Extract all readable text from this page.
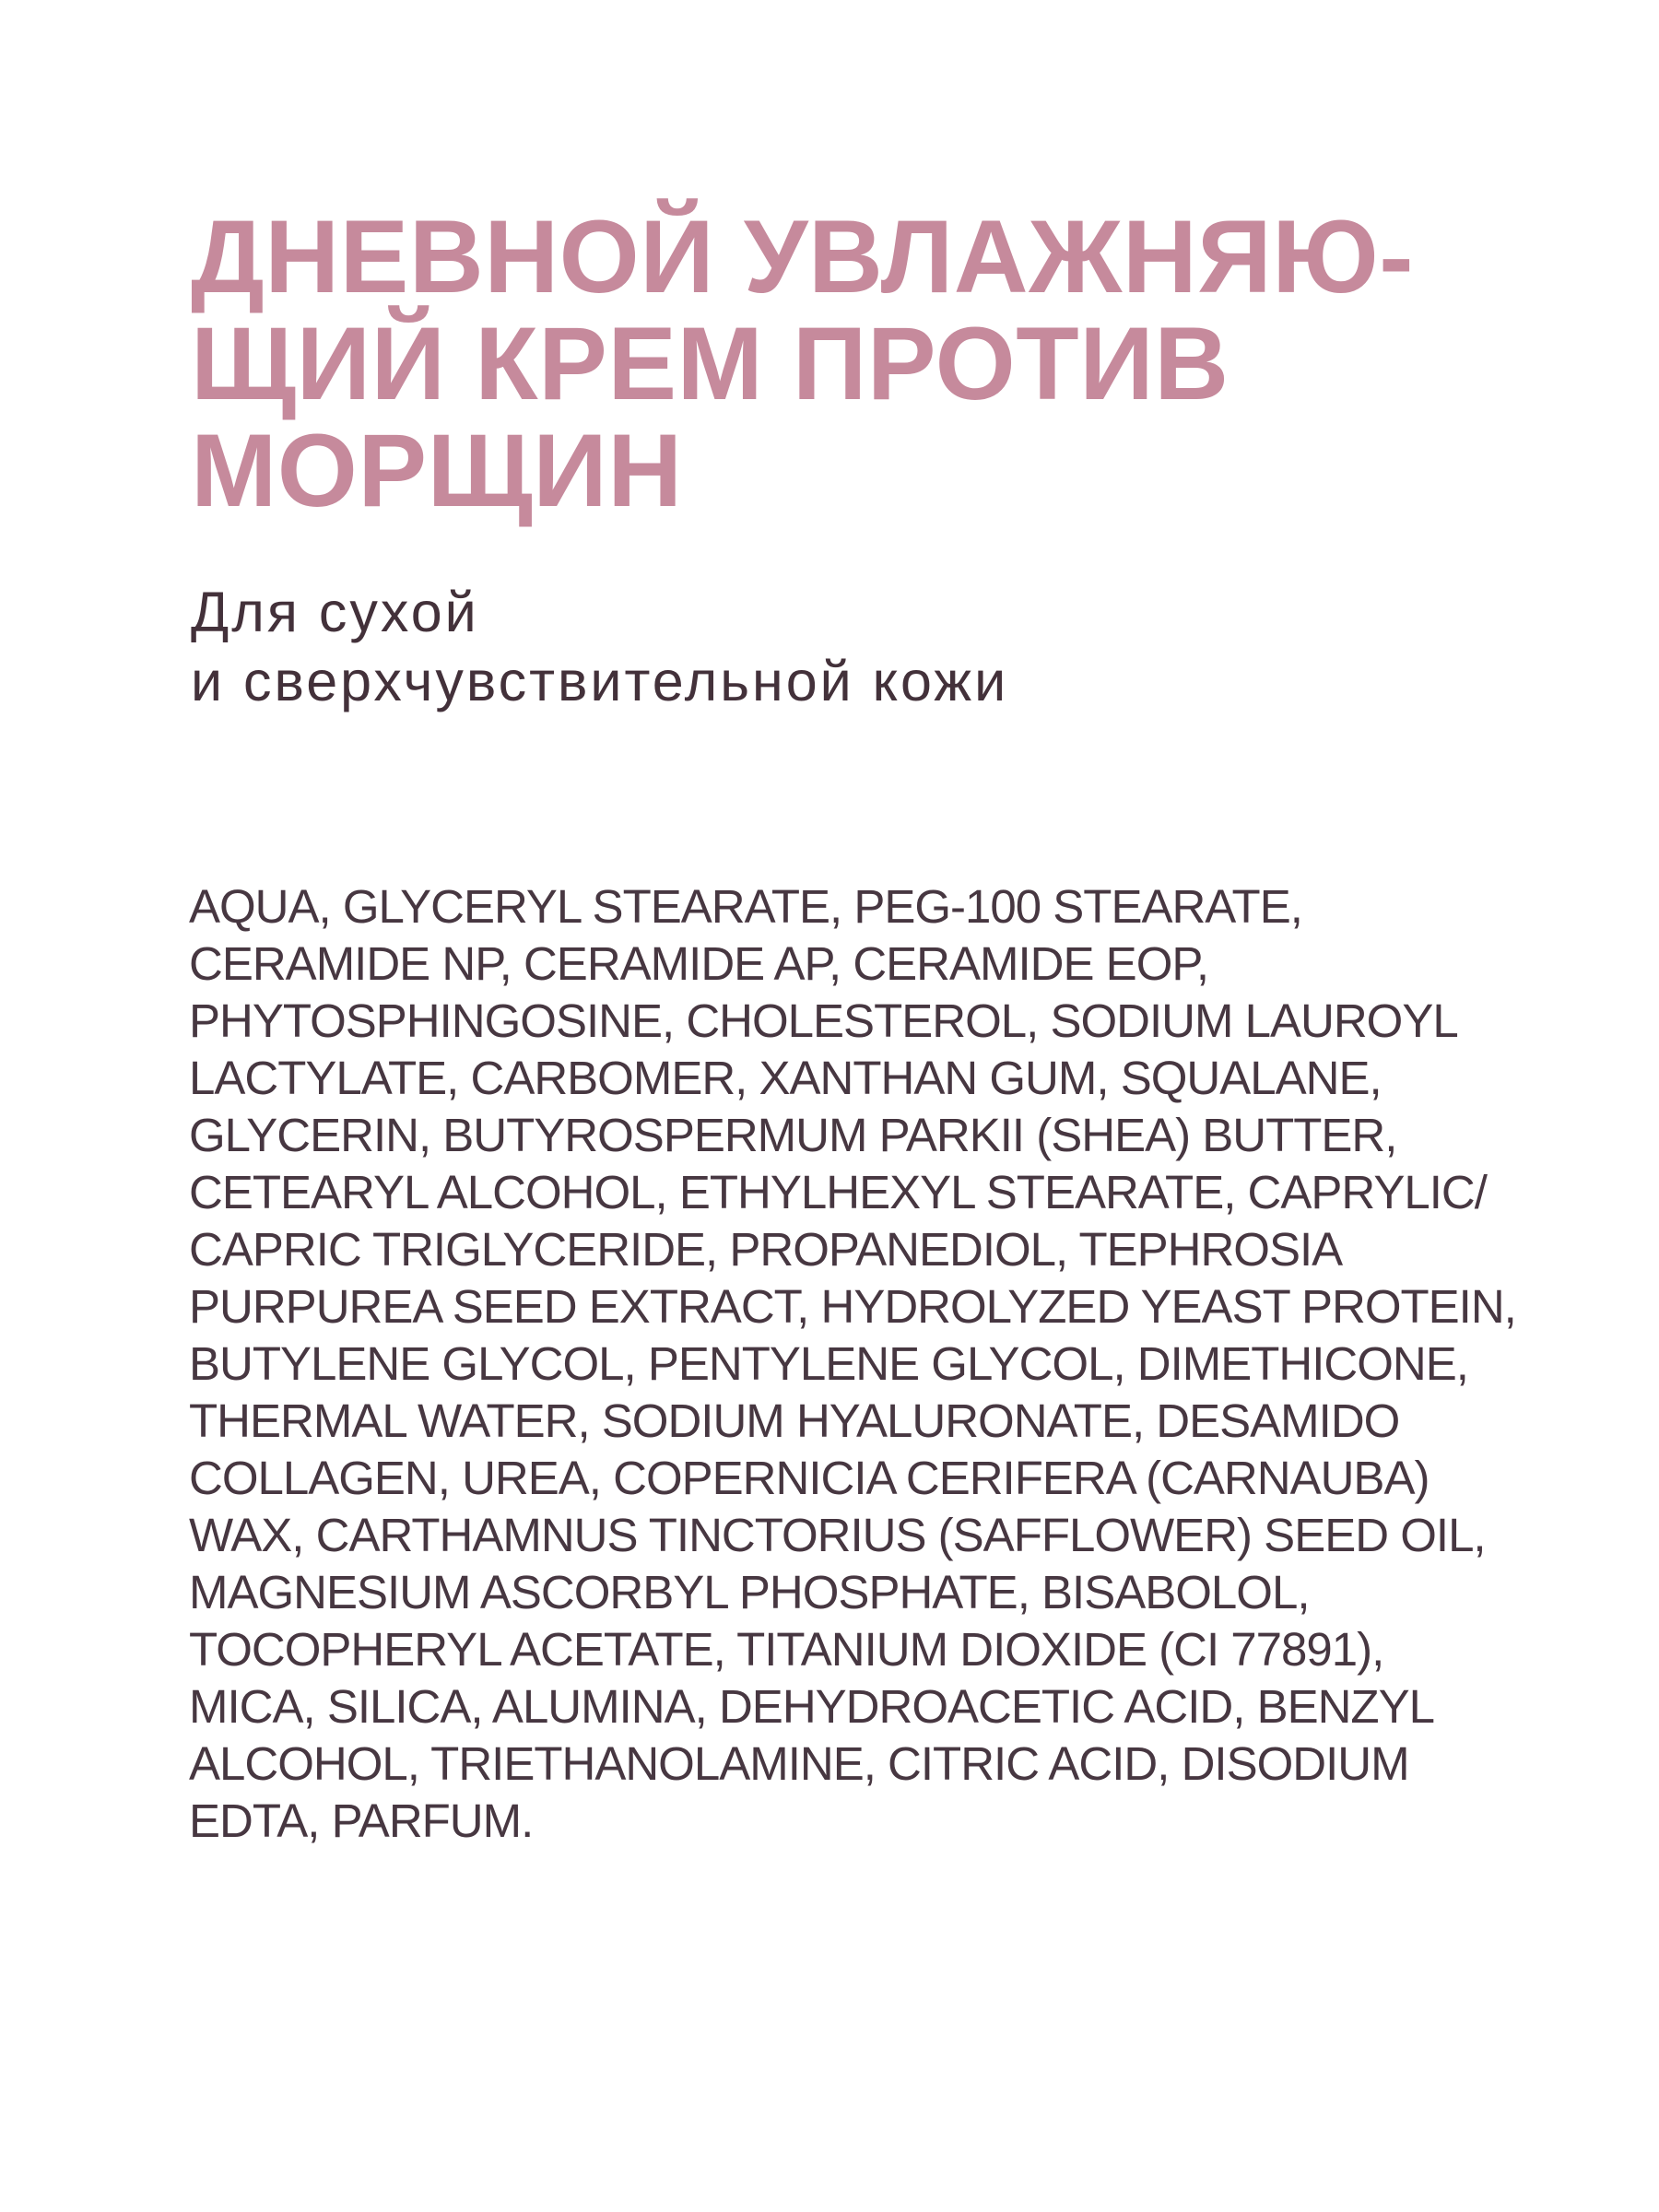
ДНЕВНОЙ УВЛАЖНЯЮ-
ЩИЙ КРЕМ ПРОТИВ
МОРЩИН
Для сухой
и сверхчувствительной кожи
AQUA, GLYCERYL STEARATE, PEG-100 STEARATE,
CERAMIDE NP, CERAMIDE AP, CERAMIDE EOP,
PHYTOSPHINGOSINE, CHOLESTEROL, SODIUM LAUROYL
LACTYLATE, CARBOMER, XANTHAN GUM, SQUALANE,
GLYCERIN, BUTYROSPERMUM PARKII (SHEA) BUTTER,
CETEARYL ALCOHOL, ETHYLHEXYL STEARATE, CAPRYLIC/
CAPRIC TRIGLYCERIDE, PROPANEDIOL, TEPHROSIA
PURPUREA SEED EXTRACT, HYDROLYZED YEAST PROTEIN,
BUTYLENE GLYCOL, PENTYLENE GLYCOL, DIMETHICONE,
THERMAL WATER, SODIUM HYALURONATE, DESAMIDO
COLLAGEN, UREA, COPERNICIA CERIFERA (CARNAUBA)
WAX, CARTHAMNUS TINCTORIUS (SAFFLOWER) SEED OIL,
MAGNESIUM ASCORBYL PHOSPHATE, BISABOLOL,
TOCOPHERYL ACETATE, TITANIUM DIOXIDE (CI 77891),
MICA, SILICA, ALUMINA, DEHYDROACETIC ACID, BENZYL
ALCOHOL, TRIETHANOLAMINE, CITRIC ACID, DISODIUM
EDTA, PARFUM.
